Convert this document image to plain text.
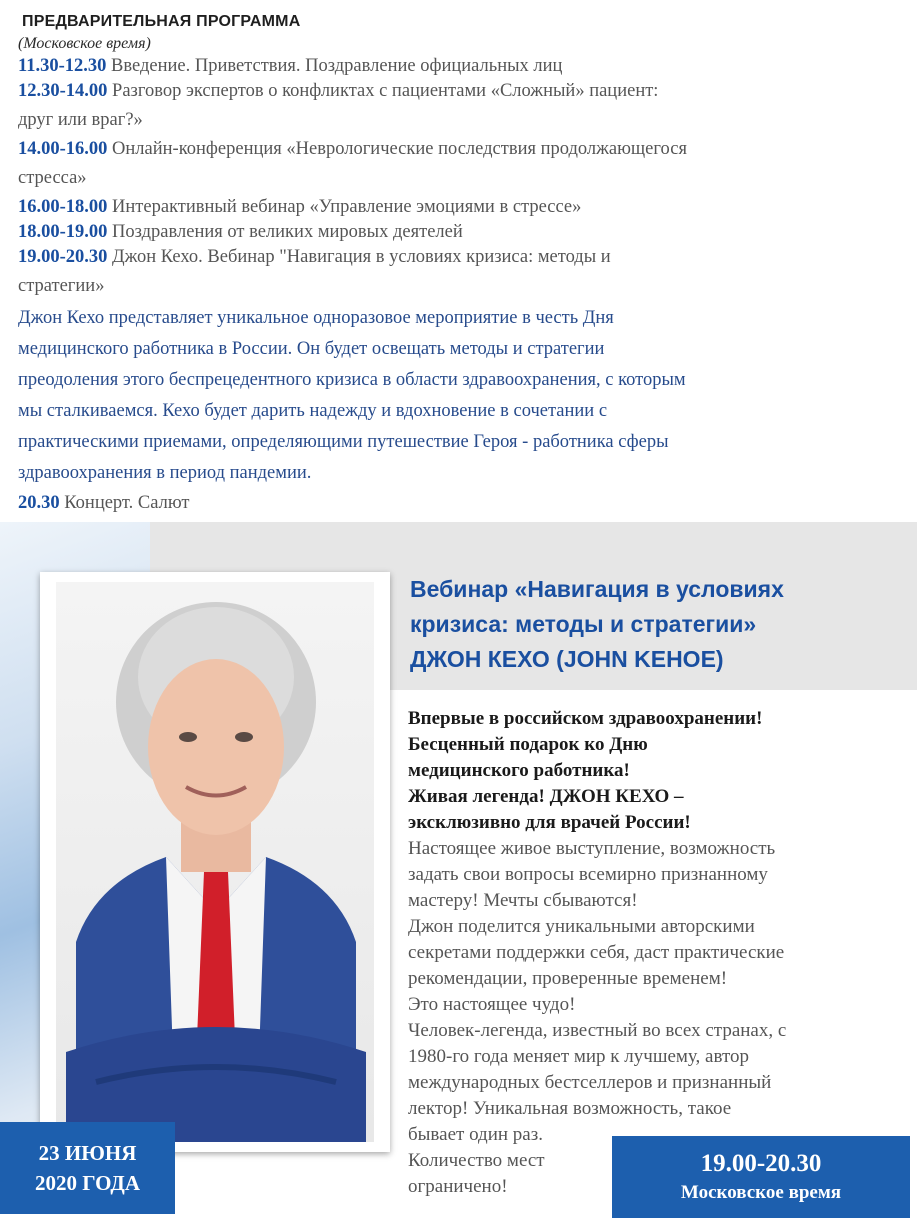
ПРЕДВАРИТЕЛЬНАЯ ПРОГРАММА
(Московское время)
11.30-12.30 Введение. Приветствия. Поздравление официальных лиц
12.30-14.00 Разговор экспертов о конфликтах с пациентами «Сложный» пациент:
друг или враг?»
14.00-16.00 Онлайн-конференция «Неврологические последствия продолжающегося
стресса»
16.00-18.00 Интерактивный вебинар «Управление эмоциями в стрессе»
18.00-19.00 Поздравления от великих мировых деятелей
19.00-20.30 Джон Кехо. Вебинар "Навигация в условиях кризиса: методы и
стратегии»
Джон Кехо представляет уникальное одноразовое мероприятие в честь Дня
медицинского работника в России. Он будет освещать методы и стратегии
преодоления этого беспрецедентного кризиса в области здравоохранения, с которым
мы сталкиваемся. Кехо будет дарить надежду и вдохновение в сочетании с
практическими приемами, определяющими путешествие Героя - работника сферы
здравоохранения в период пандемии.
20.30 Концерт. Салют
Вебинар «Навигация в условиях
кризиса: методы и стратегии»
ДЖОН КЕХО (JOHN KEHOE)
Впервые в российском здравоохранении!
Бесценный подарок ко Дню
медицинского работника!
Живая легенда! ДЖОН КЕХО –
эксклюзивно для врачей России!
Настоящее живое выступление, возможность
задать свои вопросы всемирно признанному
мастеру! Мечты сбываются!
Джон поделится уникальными авторскими
секретами поддержки себя, даст практические
рекомендации, проверенные временем!
Это настоящее чудо!
Человек-легенда, известный во всех странах, с
1980-го года меняет мир к лучшему, автор
международных бестселлеров и признанный
лектор! Уникальная возможность, такое
бывает один раз.
Количество мест
ограничено!
23 ИЮНЯ
2020 ГОДА
19.00-20.30
Московское время
